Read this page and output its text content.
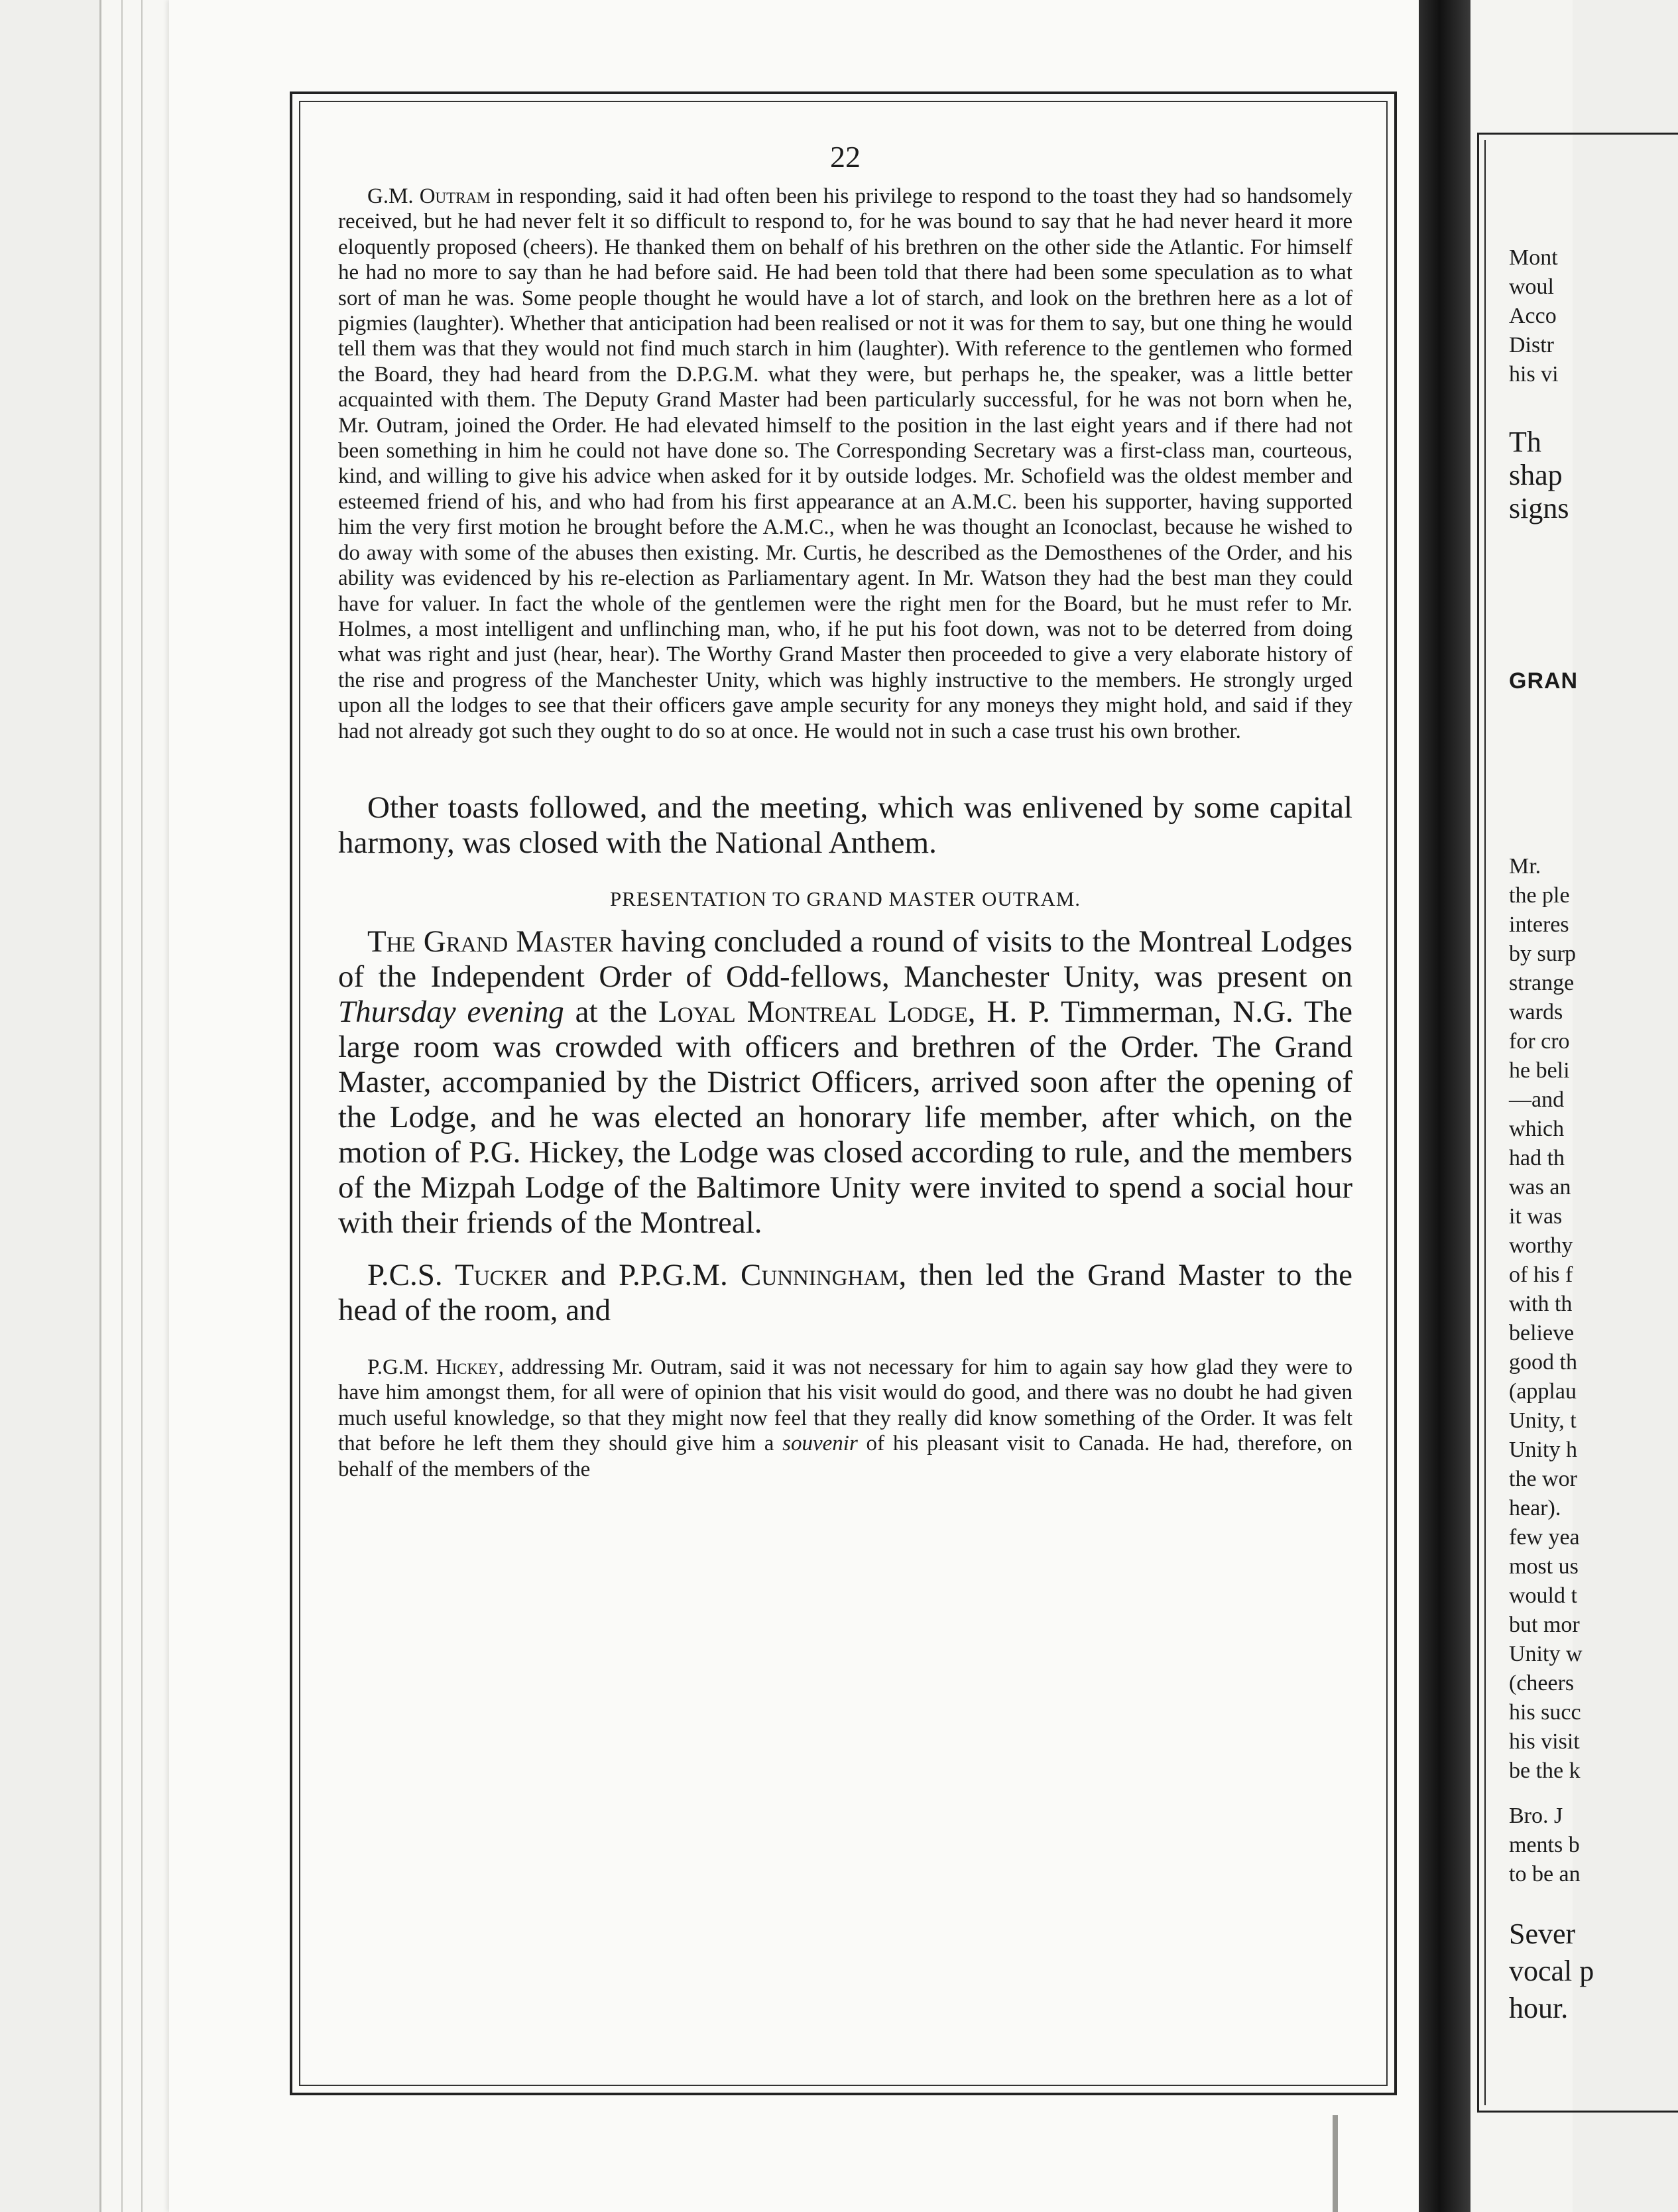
Mont
woul
Acco
Distr
his vi
Th
shap
signs
GRAN
Mr.
the ple
interes
by surp
strange
wards
for cro
he beli
—and
which
had th
was an
it was
worthy
of his f
with th
believe
good th
(applau
Unity, t
Unity h
the wor
hear).
few yea
most us
would t
but mor
Unity w
(cheers
his succ
his visit
be the k
Bro. J
ments b
to be an
Sever
vocal p
hour.
22

G.M. Outram in responding, said it had often been his privilege to respond to the toast they had so handsomely received, but he had never felt it so difficult to respond to, for he was bound to say that he had never heard it more eloquently proposed (cheers). He thanked them on behalf of his brethren on the other side the Atlantic. For himself he had no more to say than he had before said. He had been told that there had been some speculation as to what sort of man he was. Some people thought he would have a lot of starch, and look on the brethren here as a lot of pigmies (laughter). Whether that anticipation had been realised or not it was for them to say, but one thing he would tell them was that they would not find much starch in him (laughter). With reference to the gentlemen who formed the Board, they had heard from the D.P.G.M. what they were, but perhaps he, the speaker, was a little better acquainted with them. The Deputy Grand Master had been particularly successful, for he was not born when he, Mr. Outram, joined the Order. He had elevated himself to the position in the last eight years and if there had not been something in him he could not have done so. The Corresponding Secretary was a first-class man, courteous, kind, and willing to give his advice when asked for it by outside lodges. Mr. Schofield was the oldest member and esteemed friend of his, and who had from his first appearance at an A.M.C. been his supporter, having supported him the very first motion he brought before the A.M.C., when he was thought an Iconoclast, because he wished to do away with some of the abuses then existing. Mr. Curtis, he described as the Demosthenes of the Order, and his ability was evidenced by his re-election as Parliamentary agent. In Mr. Watson they had the best man they could have for valuer. In fact the whole of the gentlemen were the right men for the Board, but he must refer to Mr. Holmes, a most intelligent and unflinching man, who, if he put his foot down, was not to be deterred from doing what was right and just (hear, hear). The Worthy Grand Master then proceeded to give a very elaborate history of the rise and progress of the Manchester Unity, which was highly instructive to the members. He strongly urged upon all the lodges to see that their officers gave ample security for any moneys they might hold, and said if they had not already got such they ought to do so at once. He would not in such a case trust his own brother.

Other toasts followed, and the meeting, which was enlivened by some capital harmony, was closed with the National Anthem.

PRESENTATION TO GRAND MASTER OUTRAM.

The Grand Master having concluded a round of visits to the Montreal Lodges of the Independent Order of Odd-fellows, Manchester Unity, was present on Thursday evening at the Loyal Montreal Lodge, H. P. Timmerman, N.G. The large room was crowded with officers and brethren of the Order. The Grand Master, accompanied by the District Officers, arrived soon after the opening of the Lodge, and he was elected an honorary life member, after which, on the motion of P.G. Hickey, the Lodge was closed according to rule, and the members of the Mizpah Lodge of the Baltimore Unity were invited to spend a social hour with their friends of the Montreal.

P.C.S. Tucker and P.P.G.M. Cunningham, then led the Grand Master to the head of the room, and

P.G.M. Hickey, addressing Mr. Outram, said it was not necessary for him to again say how glad they were to have him amongst them, for all were of opinion that his visit would do good, and there was no doubt he had given much useful knowledge, so that they might now feel that they really did know something of the Order. It was felt that before he left them they should give him a souvenir of his pleasant visit to Canada. He had, therefore, on behalf of the members of the
